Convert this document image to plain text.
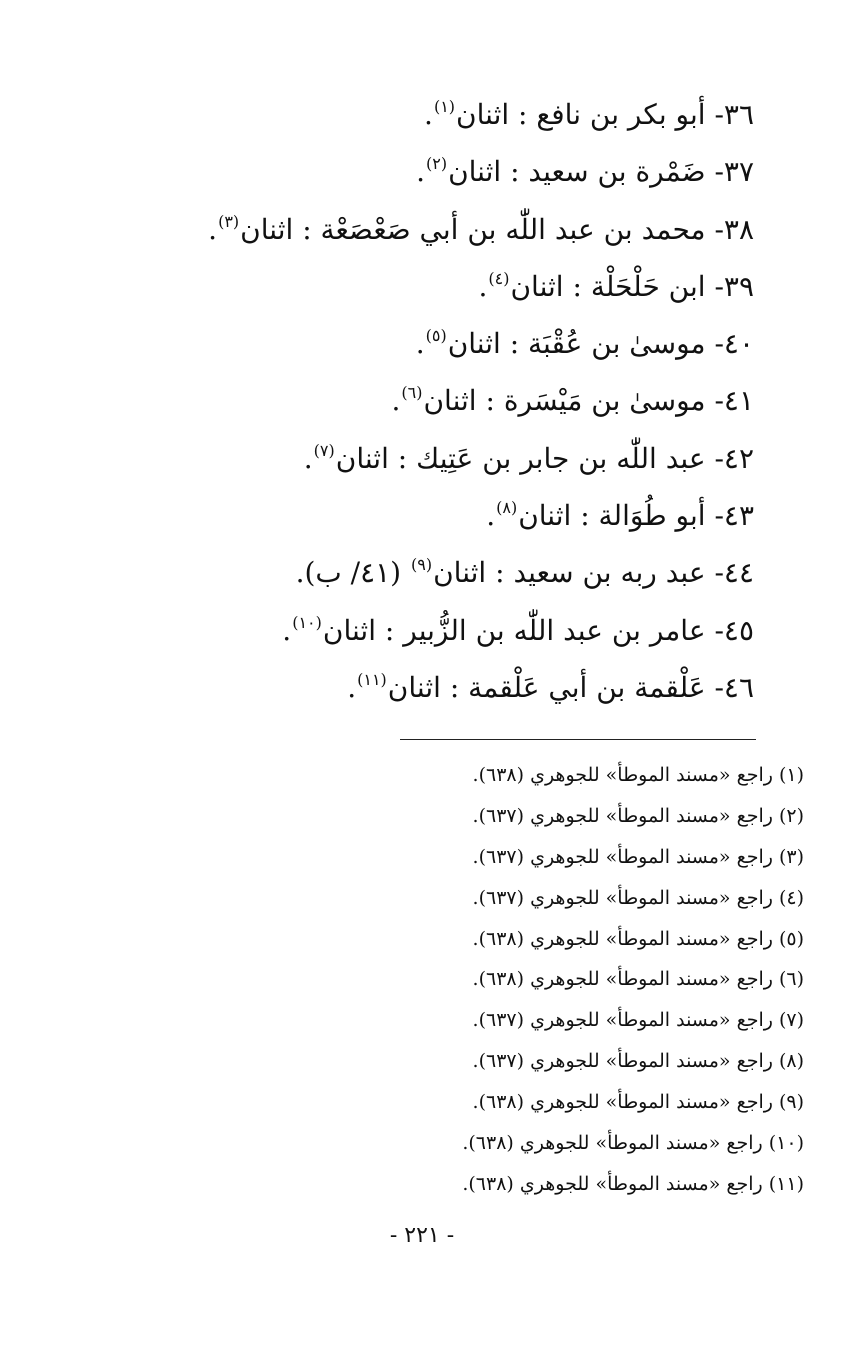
٣٦- أبو بكر بن نافع : اثنان$^{(١)}$.
٣٧- ضَمْرة بن سعيد : اثنان$^{(٢)}$.
٣٨- محمد بن عبد اللّٰه بن أبي صَعْصَعْة : اثنان$^{(٣)}$.
٣٩- ابن حَلْحَلْة : اثنان$^{(٤)}$.
٤٠- موسىٰ بن عُقْبَة : اثنان$^{(٥)}$.
٤١- موسىٰ بن مَيْسَرة : اثنان$^{(٦)}$.
٤٢- عبد اللّٰه بن جابر بن عَتِيك : اثنان$^{(٧)}$.
٤٣- أبو طُوَالة : اثنان$^{(٨)}$.
٤٤- عبد ربه بن سعيد : اثنان$^{(٩)}$ (٤١/ ب).
٤٥- عامر بن عبد اللّٰه بن الزُّبير : اثنان$^{(١٠)}$.
٤٦- عَلْقمة بن أبي عَلْقمة : اثنان$^{(١١)}$.
(١) راجع «مسند الموطأ» للجوهري (٦٣٨).
(٢) راجع «مسند الموطأ» للجوهري (٦٣٧).
(٣) راجع «مسند الموطأ» للجوهري (٦٣٧).
(٤) راجع «مسند الموطأ» للجوهري (٦٣٧).
(٥) راجع «مسند الموطأ» للجوهري (٦٣٨).
(٦) راجع «مسند الموطأ» للجوهري (٦٣٨).
(٧) راجع «مسند الموطأ» للجوهري (٦٣٧).
(٨) راجع «مسند الموطأ» للجوهري (٦٣٧).
(٩) راجع «مسند الموطأ» للجوهري (٦٣٨).
(١٠) راجع «مسند الموطأ» للجوهري (٦٣٨).
(١١) راجع «مسند الموطأ» للجوهري (٦٣٨).
- ٢٢١ -
